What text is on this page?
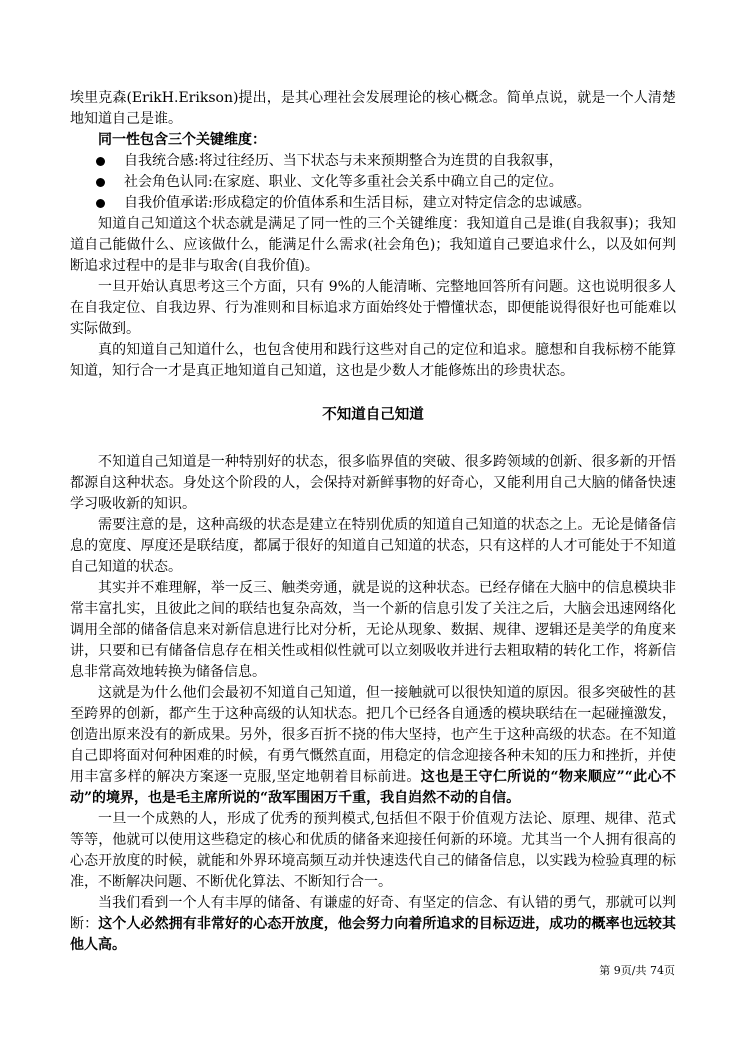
埃里克森(ErikH.Erikson)提出，是其心理社会发展理论的核心概念。简单点说，就是一个人清楚地知道自己是谁。

同一性包含三个关键维度：

自我统合感:将过往经历、当下状态与未来预期整合为连贯的自我叙事，
社会角色认同:在家庭、职业、文化等多重社会关系中确立自己的定位。
自我价值承诺:形成稳定的价值体系和生活目标，建立对特定信念的忠诚感。

知道自己知道这个状态就是满足了同一性的三个关键维度：我知道自己是谁(自我叙事)；我知道自己能做什么、应该做什么，能满足什么需求(社会角色)；我知道自己要追求什么，以及如何判断追求过程中的是非与取舍(自我价值)。

一旦开始认真思考这三个方面，只有 9%的人能清晰、完整地回答所有问题。这也说明很多人在自我定位、自我边界、行为准则和目标追求方面始终处于懵懂状态，即便能说得很好也可能难以实际做到。

真的知道自己知道什么，也包含使用和践行这些对自己的定位和追求。臆想和自我标榜不能算知道，知行合一才是真正地知道自己知道，这也是少数人才能修炼出的珍贵状态。

不知道自己知道

不知道自己知道是一种特别好的状态，很多临界值的突破、很多跨领域的创新、很多新的开悟都源自这种状态。身处这个阶段的人，会保持对新鲜事物的好奇心，又能利用自己大脑的储备快速学习吸收新的知识。

需要注意的是，这种高级的状态是建立在特别优质的知道自己知道的状态之上。无论是储备信息的宽度、厚度还是联结度，都属于很好的知道自己知道的状态，只有这样的人才可能处于不知道自己知道的状态。

其实并不难理解，举一反三、触类旁通，就是说的这种状态。已经存储在大脑中的信息模块非常丰富扎实，且彼此之间的联结也复杂高效，当一个新的信息引发了关注之后，大脑会迅速网络化调用全部的储备信息来对新信息进行比对分析，无论从现象、数据、规律、逻辑还是美学的角度来讲，只要和已有储备信息存在相关性或相似性就可以立刻吸收并进行去粗取精的转化工作，将新信息非常高效地转换为储备信息。

这就是为什么他们会最初不知道自己知道，但一接触就可以很快知道的原因。很多突破性的甚至跨界的创新，都产生于这种高级的认知状态。把几个已经各自通透的模块联结在一起碰撞激发，创造出原来没有的新成果。另外，很多百折不挠的伟大坚持，也产生于这种高级的状态。在不知道自己即将面对何种困难的时候，有勇气慨然直面，用稳定的信念迎接各种未知的压力和挫折，并使用丰富多样的解决方案逐一克服,坚定地朝着目标前进。这也是王守仁所说的“物来顺应”“此心不动”的境界，也是毛主席所说的“敌军围困万千重，我自岿然不动的自信。

一旦一个成熟的人，形成了优秀的预判模式,包括但不限于价值观方法论、原理、规律、范式等等，他就可以使用这些稳定的核心和优质的储备来迎接任何新的环境。尤其当一个人拥有很高的心态开放度的时候，就能和外界环境高频互动并快速迭代自己的储备信息，以实践为检验真理的标准，不断解决问题、不断优化算法、不断知行合一。

当我们看到一个人有丰厚的储备、有谦虚的好奇、有坚定的信念、有认错的勇气，那就可以判断：这个人必然拥有非常好的心态开放度，他会努力向着所追求的目标迈进，成功的概率也远较其他人高。

第 9页/共 74页
